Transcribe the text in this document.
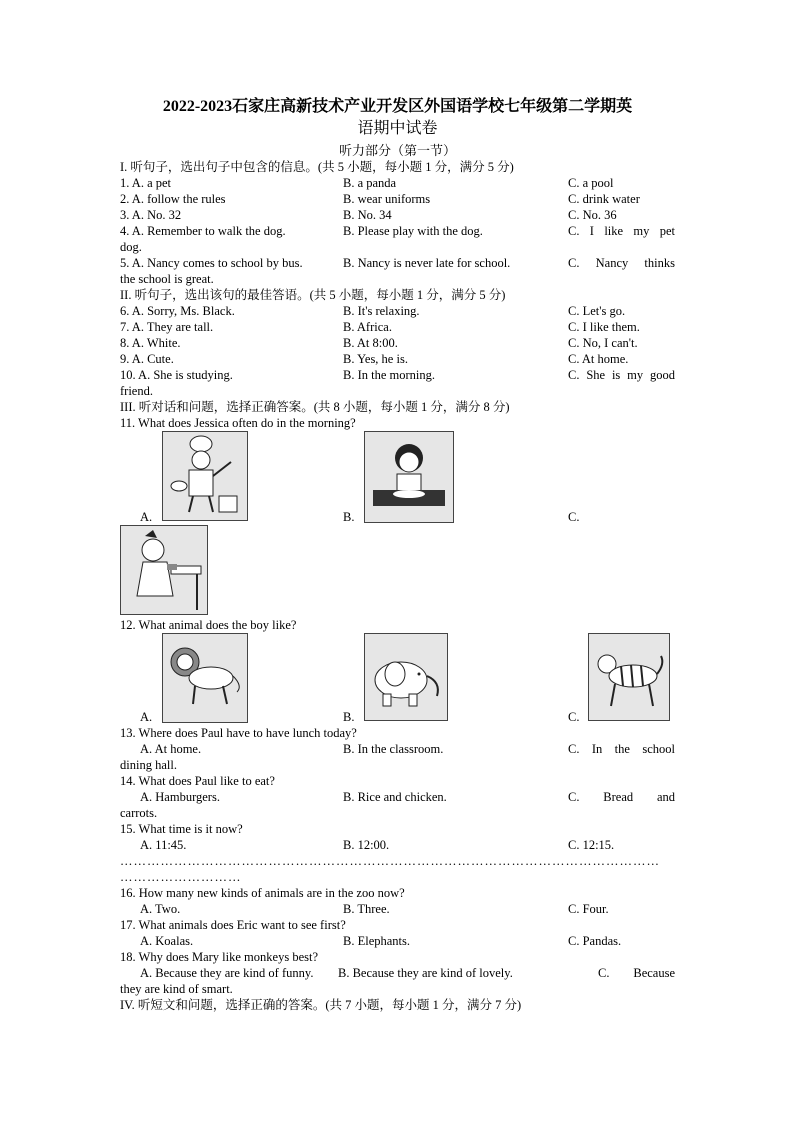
2022-2023石家庄高新技术产业开发区外国语学校七年级第二学期英
语期中试卷
听力部分（第一节）
I. 听句子，选出句子中包含的信息。(共 5 小题，每小题 1 分，满分 5 分)
1. A. a pet	B. a panda	C. a pool
2. A. follow the rules	B. wear uniforms	C. drink water
3. A. No. 32	B. No. 34	C. No. 36
4. A. Remember to walk the dog.	B. Please play with the dog.	C. I like my pet
dog.
5. A. Nancy comes to school by bus.	B. Nancy is never late for school.	C. Nancy thinks
the school is great.
II. 听句子，选出该句的最佳答语。(共 5 小题，每小题 1 分，满分 5 分)
6. A. Sorry, Ms. Black.	B. It's relaxing.	C. Let's go.
7. A. They are tall.	B. Africa.	C. I like them.
8. A. White.	B. At 8:00.	C. No, I can't.
9. A. Cute.	B. Yes, he is.	C. At home.
10. A. She is studying.	B. In the morning.	C. She is my good
friend.
III. 听对话和问题，选择正确答案。(共 8 小题，每小题 1 分，满分 8 分)
11. What does Jessica often do in the morning?
A.	B.	C.
12. What animal does the boy like?
A.	B.	C.
13. Where does Paul have to have lunch today?
A. At home.	B. In the classroom.	C. In the school
dining hall.
14. What does Paul like to eat?
A. Hamburgers.	B. Rice and chicken.	C. Bread and
carrots.
15. What time is it now?
A. 11:45.	B. 12:00.	C. 12:15.
…………………………………………………………………………………………………………
………………………
16. How many new kinds of animals are in the zoo now?
A. Two.	B. Three.	C. Four.
17. What animals does Eric want to see first?
A. Koalas.	B. Elephants.	C. Pandas.
18. Why does Mary like monkeys best?
A. Because they are kind of funny. B. Because they are kind of lovely.	C. Because
they are kind of smart.
IV. 听短文和问题，选择正确的答案。(共 7 小题，每小题 1 分，满分 7 分)
